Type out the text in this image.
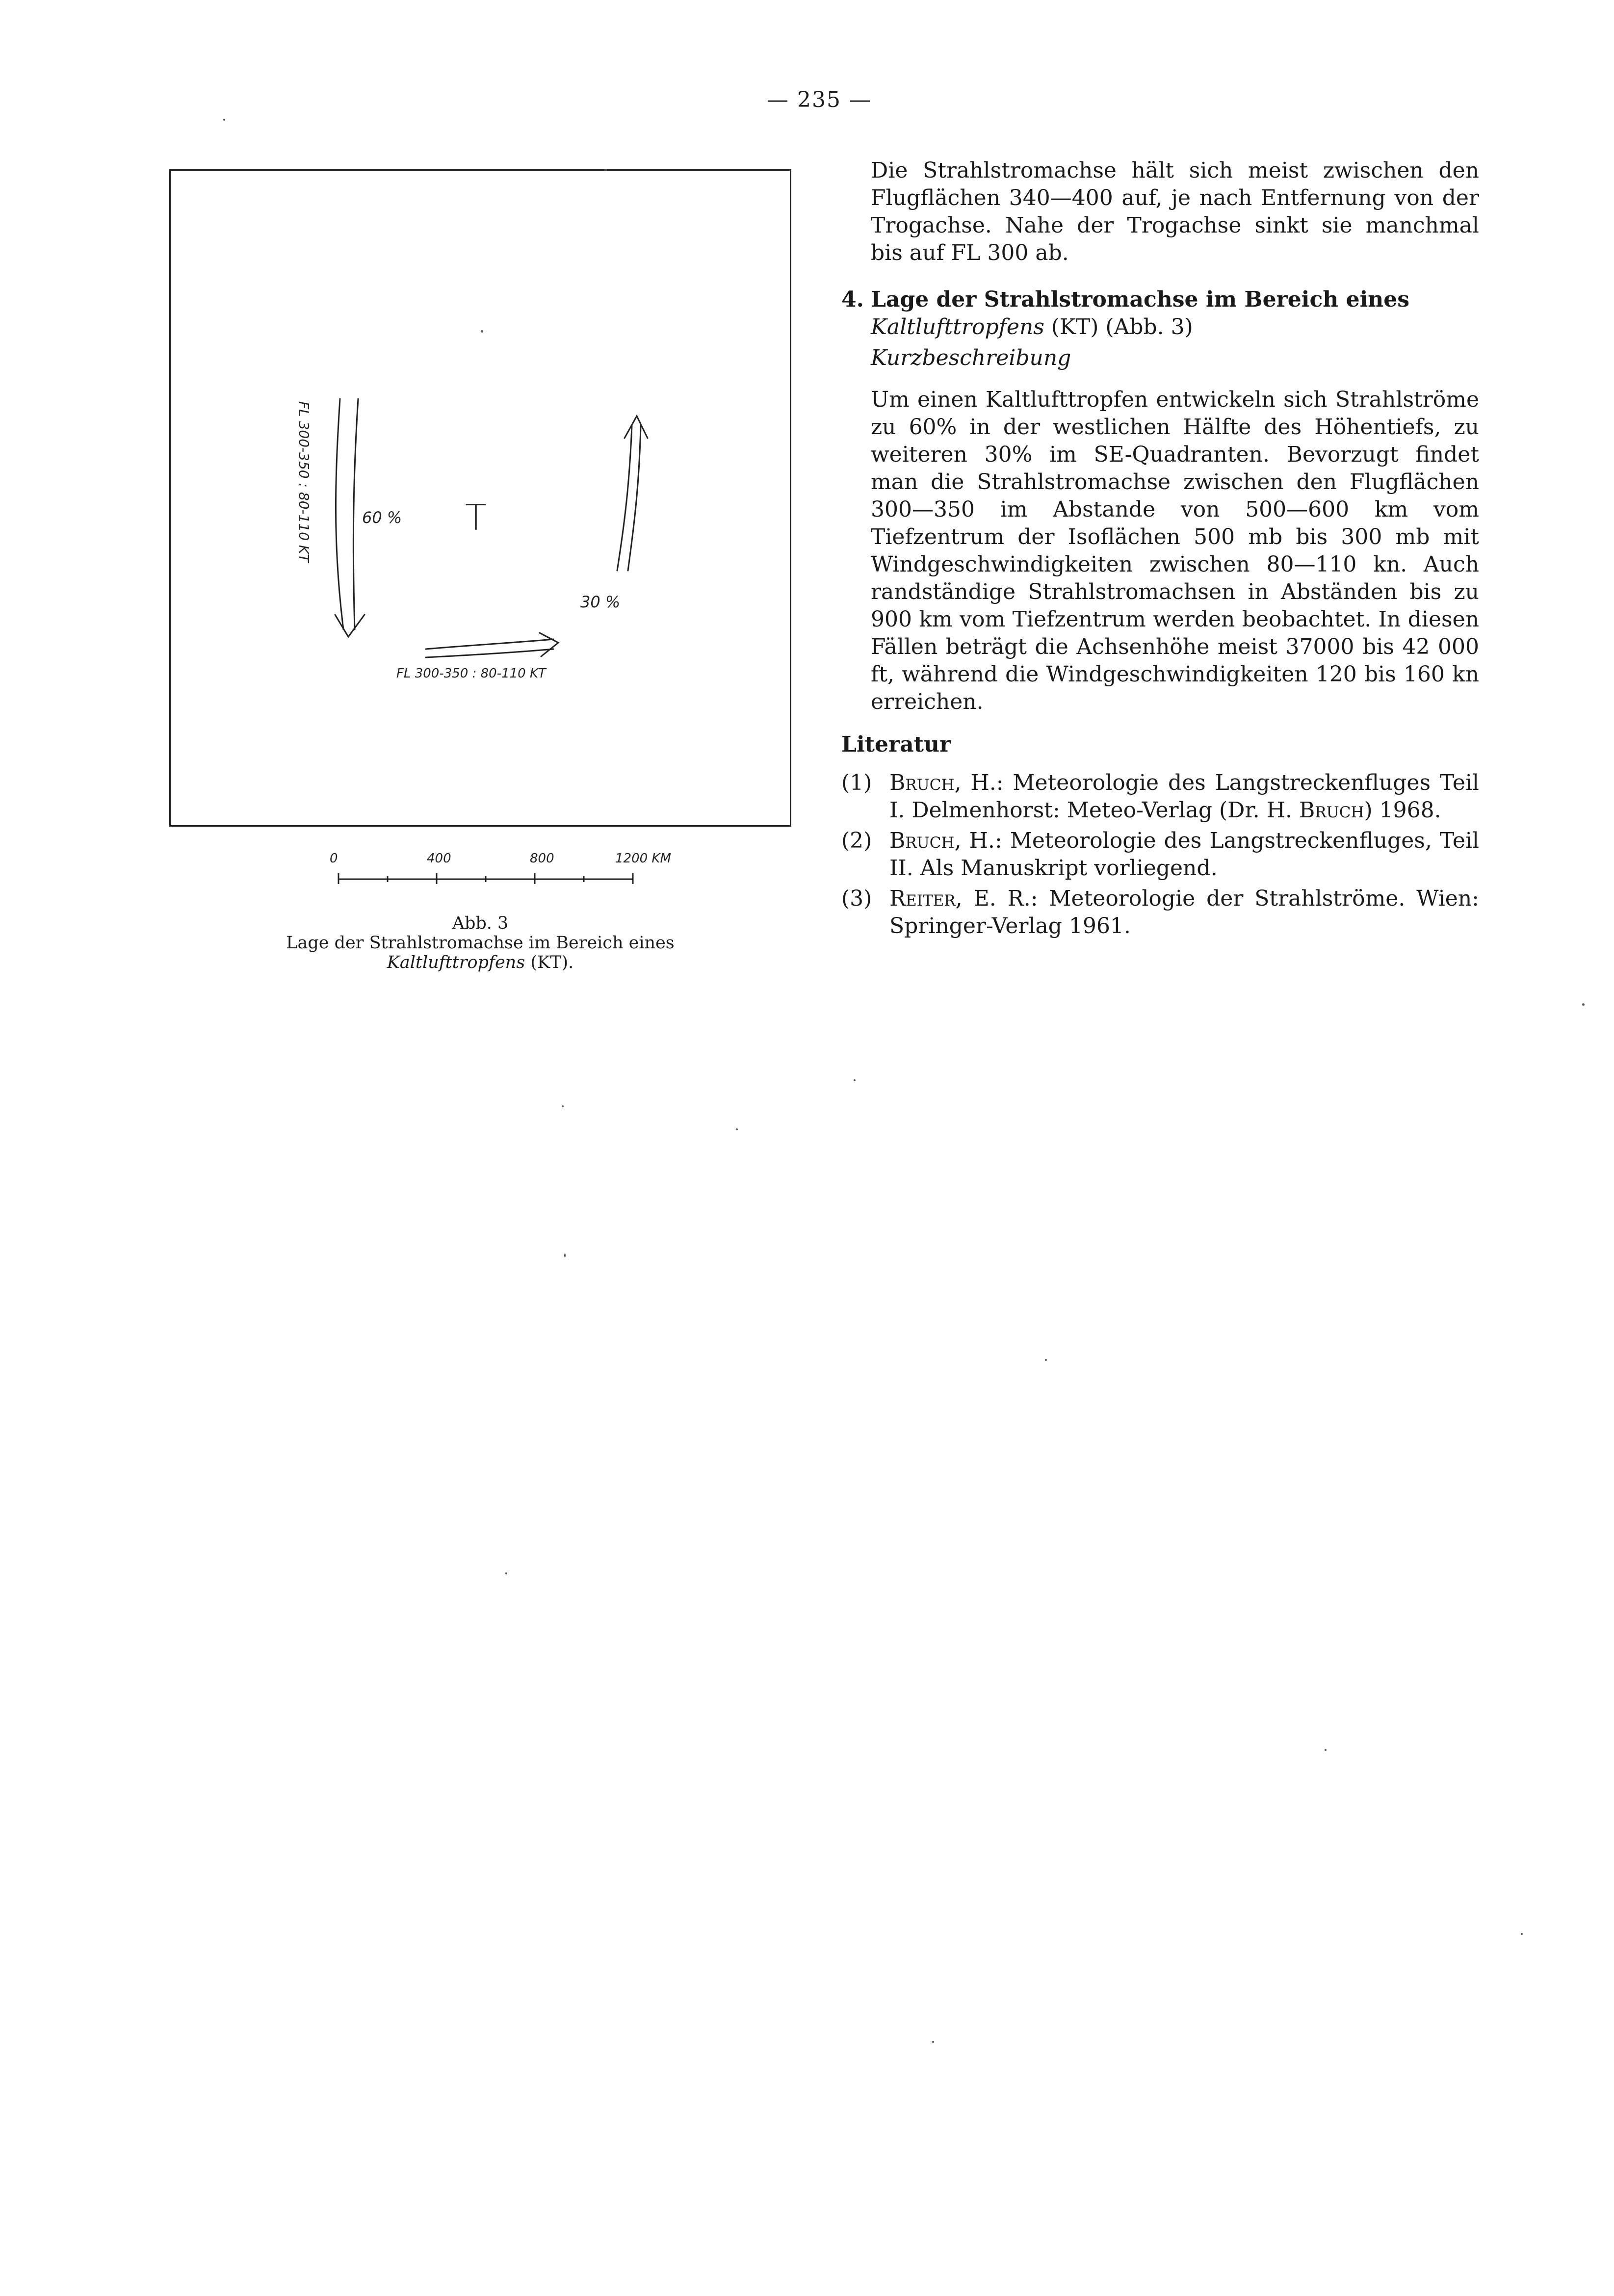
— 235 —
60 %
30 %
T
FL 300-350 : 80-110 KT
FL 300-350 : 80-110 KT
0	400	800	1200 KM
Abb. 3
Lage der Strahlstromachse im Bereich eines
Kaltlufttropfens (KT).
Die Strahlstromachse hält sich meist zwischen den Flugflächen 340—400 auf, je nach Entfernung von der Trogachse. Nahe der Trogachse sinkt sie manchmal bis auf FL 300 ab.
4. Lage der Strahlstromachse im Bereich eines Kaltlufttropfens (KT) (Abb. 3)
Kurzbeschreibung
Um einen Kaltlufttropfen entwickeln sich Strahlströme zu 60% in der westlichen Hälfte des Höhentiefs, zu weiteren 30% im SE-Quadranten. Bevorzugt findet man die Strahlstromachse zwischen den Flugflächen 300—350 im Abstande von 500—600 km vom Tiefzentrum der Isoflächen 500 mb bis 300 mb mit Windgeschwindigkeiten zwischen 80—110 kn. Auch randständige Strahlstromachsen in Abständen bis zu 900 km vom Tiefzentrum werden beobachtet. In diesen Fällen beträgt die Achsenhöhe meist 37000 bis 42 000 ft, während die Windgeschwindigkeiten 120 bis 160 kn erreichen.
Literatur
(1) Bruch, H.: Meteorologie des Langstreckenfluges Teil I. Delmenhorst: Meteo-Verlag (Dr. H. Bruch) 1968.
(2) Bruch, H.: Meteorologie des Langstreckenfluges, Teil II. Als Manuskript vorliegend.
(3) Reiter, E. R.: Meteorologie der Strahlströme. Wien: Springer-Verlag 1961.
